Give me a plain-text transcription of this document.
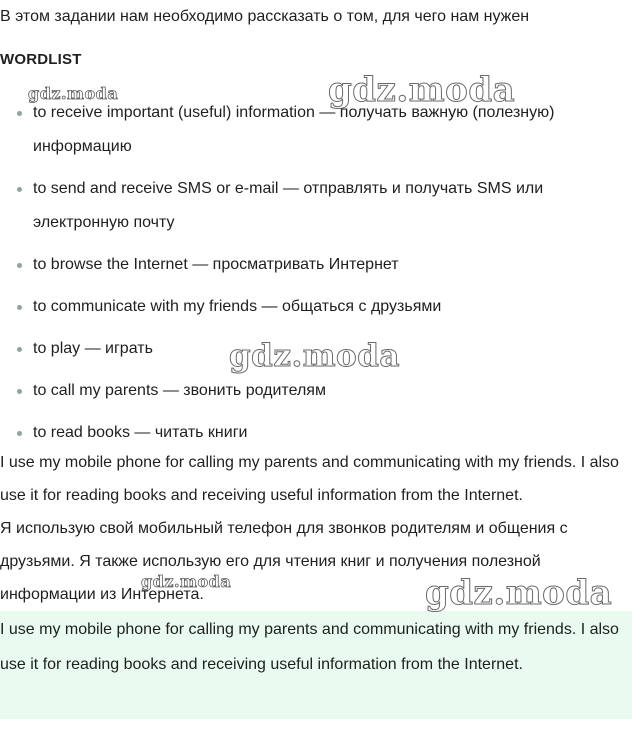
В этом задании нам необходимо рассказать о том, для чего нам нужен
WORDLIST
to receive important (useful) information — получать важную (полезную) информацию
to send and receive SMS or e-mail — отправлять и получать SMS или электронную почту
to browse the Internet — просматривать Интернет
to communicate with my friends — общаться с друзьями
to play — играть
to call my parents — звонить родителям
to read books — читать книги
I use my mobile phone for calling my parents and communicating with my friends. I also use it for reading books and receiving useful information from the Internet.
Я использую свой мобильный телефон для звонков родителям и общения с друзьями. Я также использую его для чтения книг и получения полезной информации из Интернета.
I use my mobile phone for calling my parents and communicating with my friends. I also use it for reading books and receiving useful information from the Internet.
gdz.moda	gdz.moda
gdz.moda
gdz.moda	gdz.moda
